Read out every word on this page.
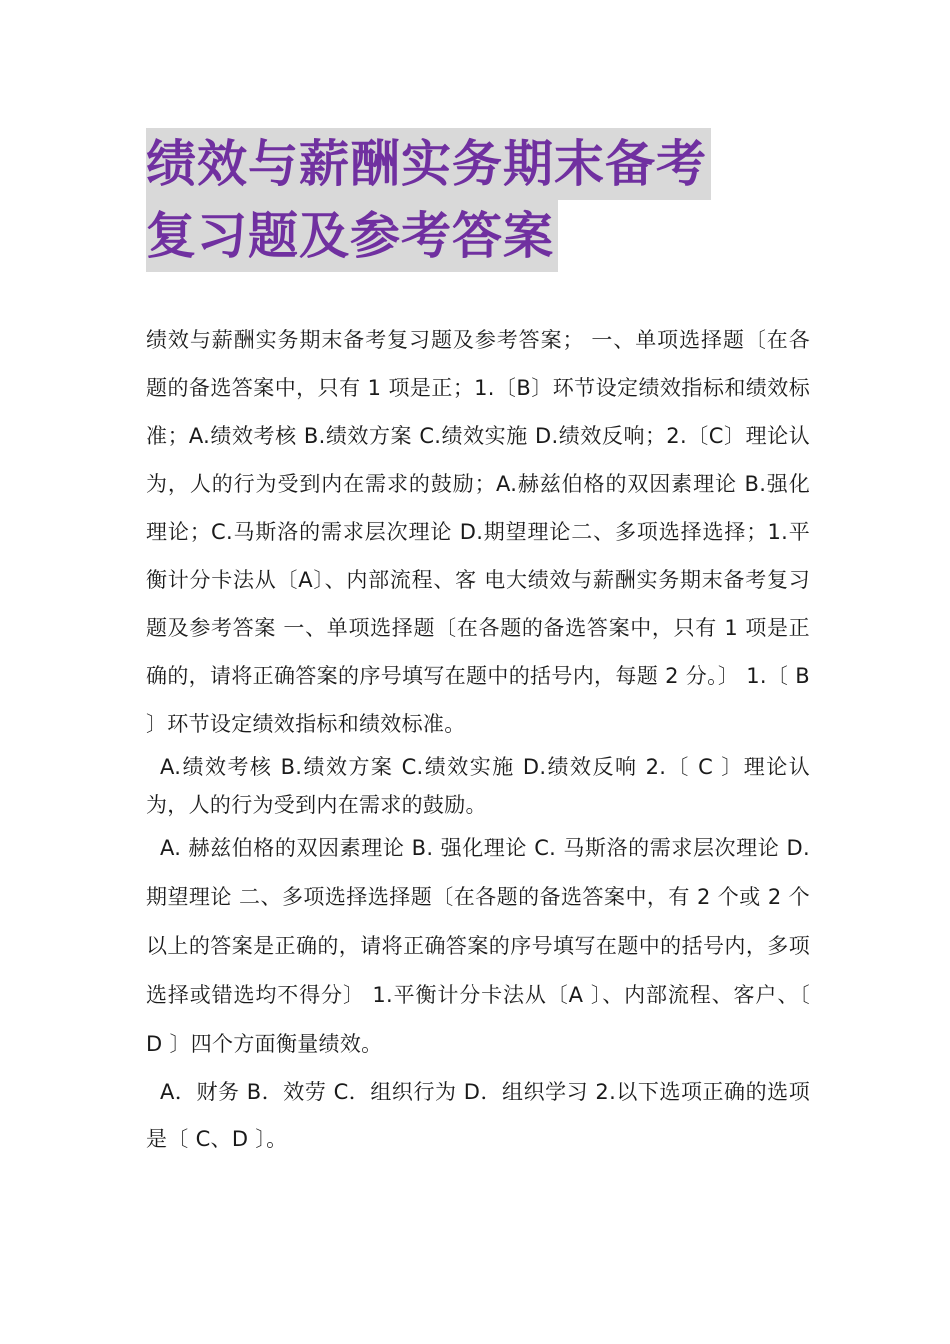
绩效与薪酬实务期末备考
复习题及参考答案

绩效与薪酬实务期末备考复习题及参考答案； 一、单项选择题〔在各题的备选答案中，只有 1 项是正；1.〔B〕环节设定绩效指标和绩效标准；A.绩效考核 B.绩效方案 C.绩效实施 D.绩效反响；2.〔C〕理论认为，人的行为受到内在需求的鼓励；A.赫兹伯格的双因素理论 B.强化理论；C.马斯洛的需求层次理论 D.期望理论二、多项选择选择；1.平衡计分卡法从〔A〕、内部流程、客 电大绩效与薪酬实务期末备考复习题及参考答案 一、单项选择题〔在各题的备选答案中，只有 1 项是正确的，请将正确答案的序号填写在题中的括号内，每题 2 分。〕 1.〔 B 〕环节设定绩效指标和绩效标准。

A.绩效考核 B.绩效方案 C.绩效实施 D.绩效反响 2.〔 C 〕理论认为，人的行为受到内在需求的鼓励。

A. 赫兹伯格的双因素理论 B. 强化理论 C. 马斯洛的需求层次理论 D. 期望理论 二、多项选择选择题〔在各题的备选答案中，有 2 个或 2 个以上的答案是正确的，请将正确答案的序号填写在题中的括号内，多项选择或错选均不得分〕 1.平衡计分卡法从〔A 〕、内部流程、客户、〔 D 〕四个方面衡量绩效。

A．财务 B．效劳 C．组织行为 D．组织学习 2.以下选项正确的选项是〔 C、D 〕。
